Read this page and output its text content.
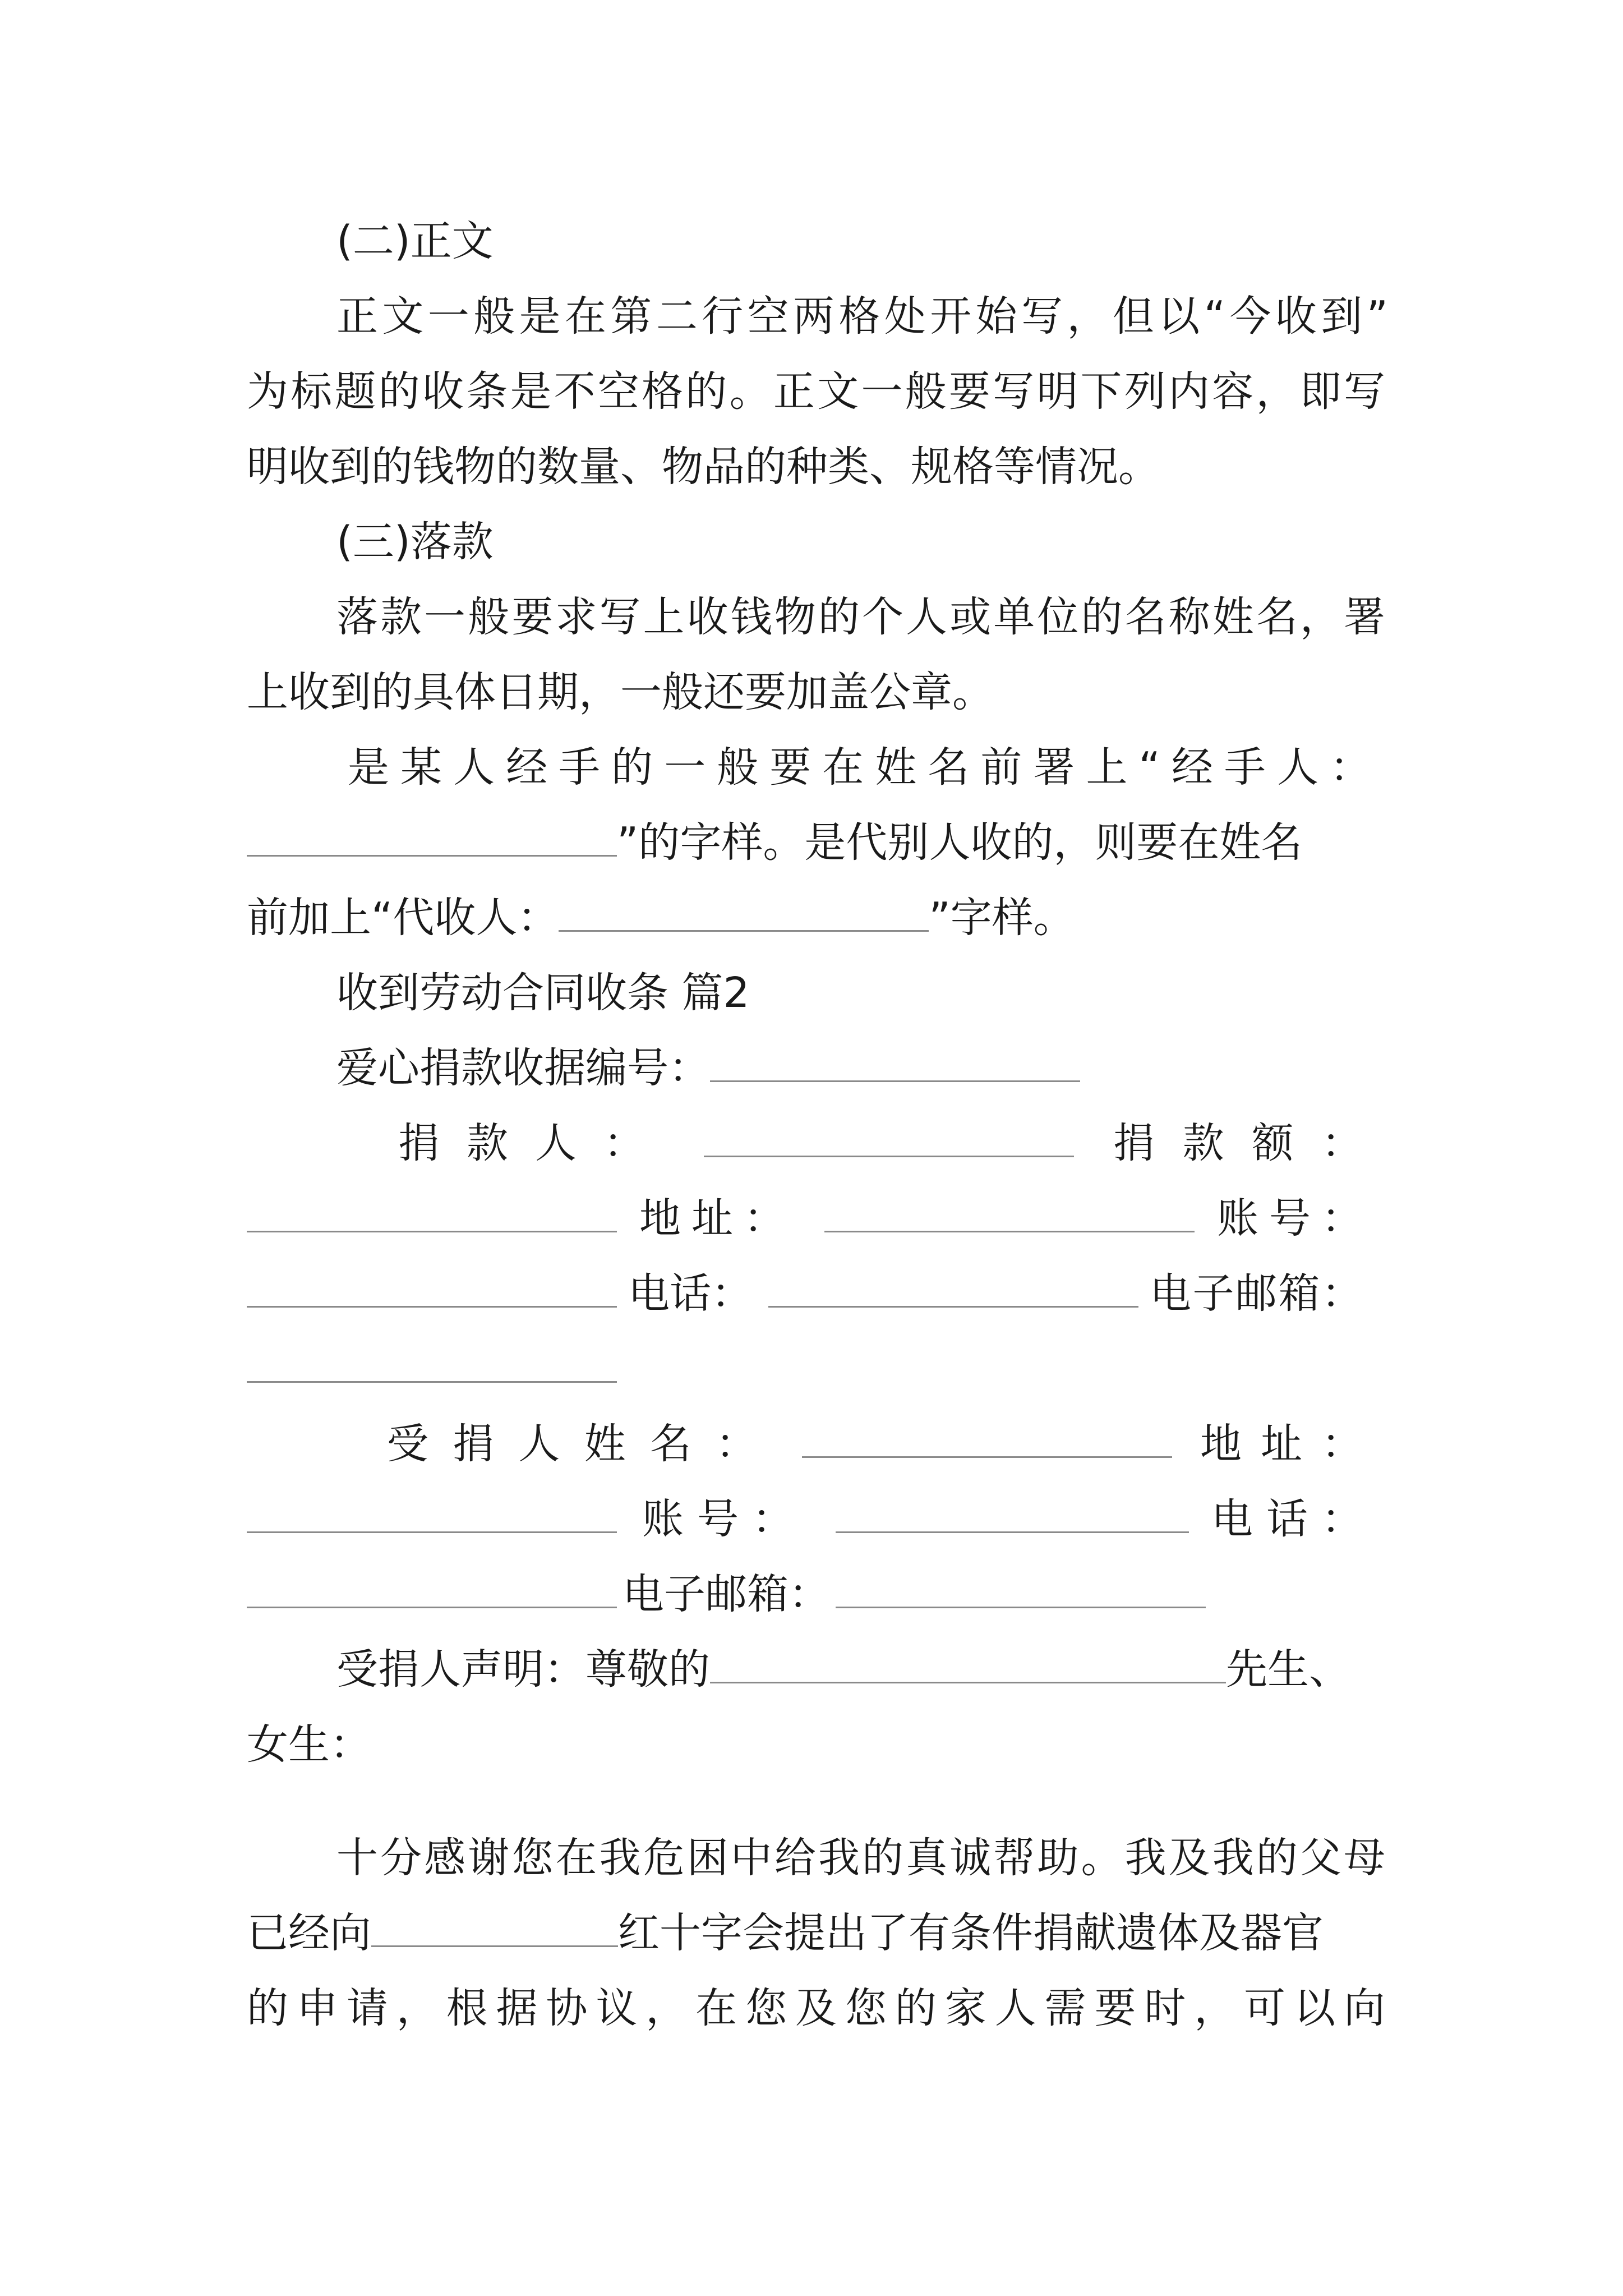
(二)正文
正文一般是在第二行空两格处开始写，但以“今收到”
为标题的收条是不空格的。正文一般要写明下列内容，即写
明收到的钱物的数量、物品的种类、规格等情况。
(三)落款
落款一般要求写上收钱物的个人或单位的名称姓名，署
上收到的具体日期，一般还要加盖公章。
是某人经手的一般要在姓名前署上“经手人：
”的字样。是代别人收的，则要在姓名
前加上“代收人：	”字样。
收到劳动合同收条 篇2
爱心捐款收据编号：
捐款人：	捐款额：
地址：	账号：
电话：	电子邮箱：
受捐人姓名：	地址：
账号：	电话：
电子邮箱：
受捐人声明：尊敬的	先生、
女生：
十分感谢您在我危困中给我的真诚帮助。我及我的父母
已经向	红十字会提出了有条件捐献遗体及器官
的申请，根据协议，在您及您的家人需要时，可以向
